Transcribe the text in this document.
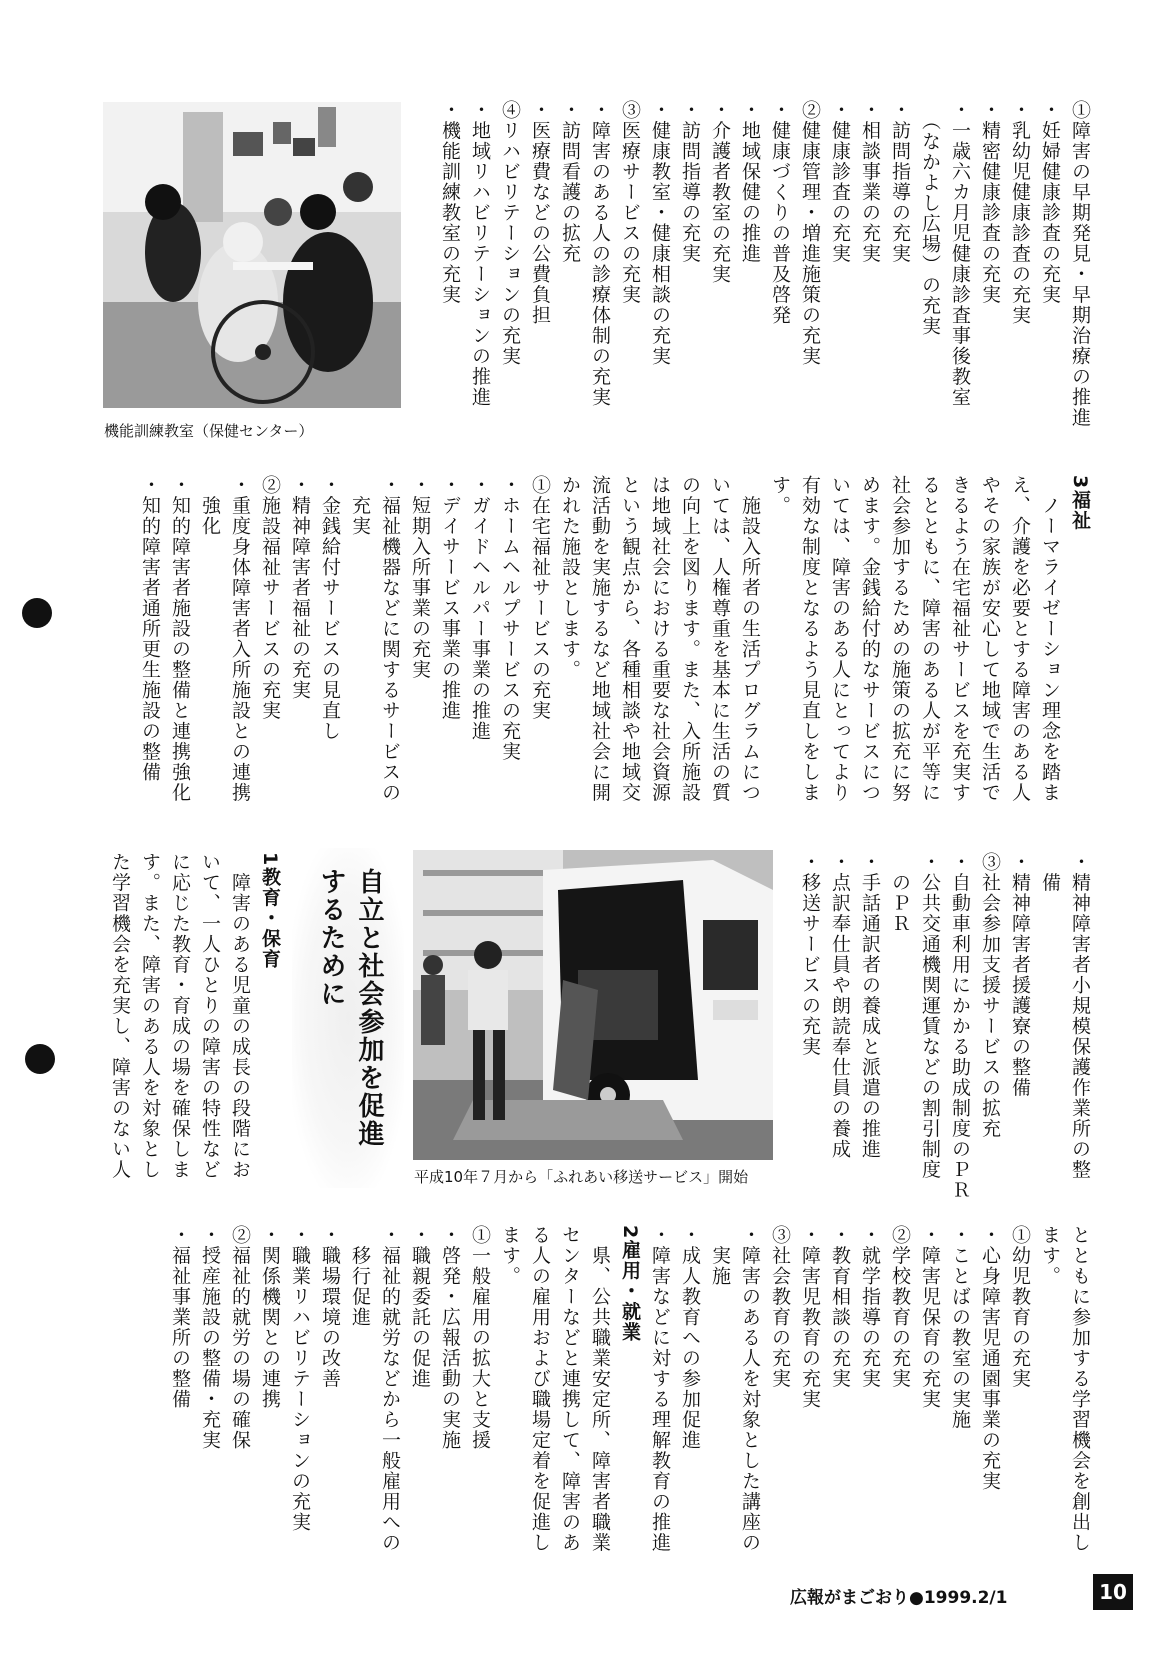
①障害の早期発見・早期治療の推進
・妊婦健康診査の充実
・乳幼児健康診査の充実
・精密健康診査の充実
・一歳六カ月児健康診査事後教室
　（なかよし広場）の充実
・訪問指導の充実
・相談事業の充実
・健康診査の充実
②健康管理・増進施策の充実
・健康づくりの普及啓発
・地域保健の推進
・介護者教室の充実
・訪問指導の充実
・健康教室・健康相談の充実
③医療サービスの充実
・障害のある人の診療体制の充実
・訪問看護の拡充
・医療費などの公費負担
④リハビリテーションの充実
・地域リハビリテーションの推進
・機能訓練教室の充実
機能訓練教室（保健センター）
3福祉
　ノーマライゼーション理念を踏ま
え、介護を必要とする障害のある人
やその家族が安心して地域で生活で
きるよう在宅福祉サービスを充実す
るとともに、障害のある人が平等に
社会参加するための施策の拡充に努
めます。金銭給付的なサービスにつ
いては、障害のある人にとってより
有効な制度となるよう見直しをしま
す。
　施設入所者の生活プログラムにつ
いては、人権尊重を基本に生活の質
の向上を図ります。また、入所施設
は地域社会における重要な社会資源
という観点から、各種相談や地域交
流活動を実施するなど地域社会に開
かれた施設とします。
①在宅福祉サービスの充実
・ホームヘルプサービスの充実
・ガイドヘルパー事業の推進
・デイサービス事業の推進
・短期入所事業の充実
・福祉機器などに関するサービスの
　充実
・金銭給付サービスの見直し
・精神障害者福祉の充実
②施設福祉サービスの充実
・重度身体障害者入所施設との連携
　強化
・知的障害者施設の整備と連携強化
・知的障害者通所更生施設の整備
・精神障害者小規模保護作業所の整
　備
・精神障害者援護寮の整備
③社会参加支援サービスの拡充
・自動車利用にかかる助成制度のＰＲ
・公共交通機関運賃などの割引制度
　のＰＲ
・手話通訳者の養成と派遣の推進
・点訳奉仕員や朗読奉仕員の養成
・移送サービスの充実
平成10年７月から「ふれあい移送サービス」開始
自立と社会参加を促進
するために
1教育・保育
　障害のある児童の成長の段階にお
いて、一人ひとりの障害の特性など
に応じた教育・育成の場を確保しま
す。また、障害のある人を対象とし
た学習機会を充実し、障害のない人
とともに参加する学習機会を創出し
ます。
①幼児教育の充実
・心身障害児通園事業の充実
・ことばの教室の実施
・障害児保育の充実
②学校教育の充実
・就学指導の充実
・教育相談の充実
・障害児教育の充実
③社会教育の充実
・障害のある人を対象とした講座の
　実施
・成人教育への参加促進
・障害などに対する理解教育の推進
2雇用・就業
　県、公共職業安定所、障害者職業
センターなどと連携して、障害のあ
る人の雇用および職場定着を促進し
ます。
①一般雇用の拡大と支援
・啓発・広報活動の実施
・職親委託の促進
・福祉的就労などから一般雇用への
　移行促進
・職場環境の改善
・職業リハビリテーションの充実
・関係機関との連携
②福祉的就労の場の確保
・授産施設の整備・充実
・福祉事業所の整備
広報がまごおり●1999.2/1	10
